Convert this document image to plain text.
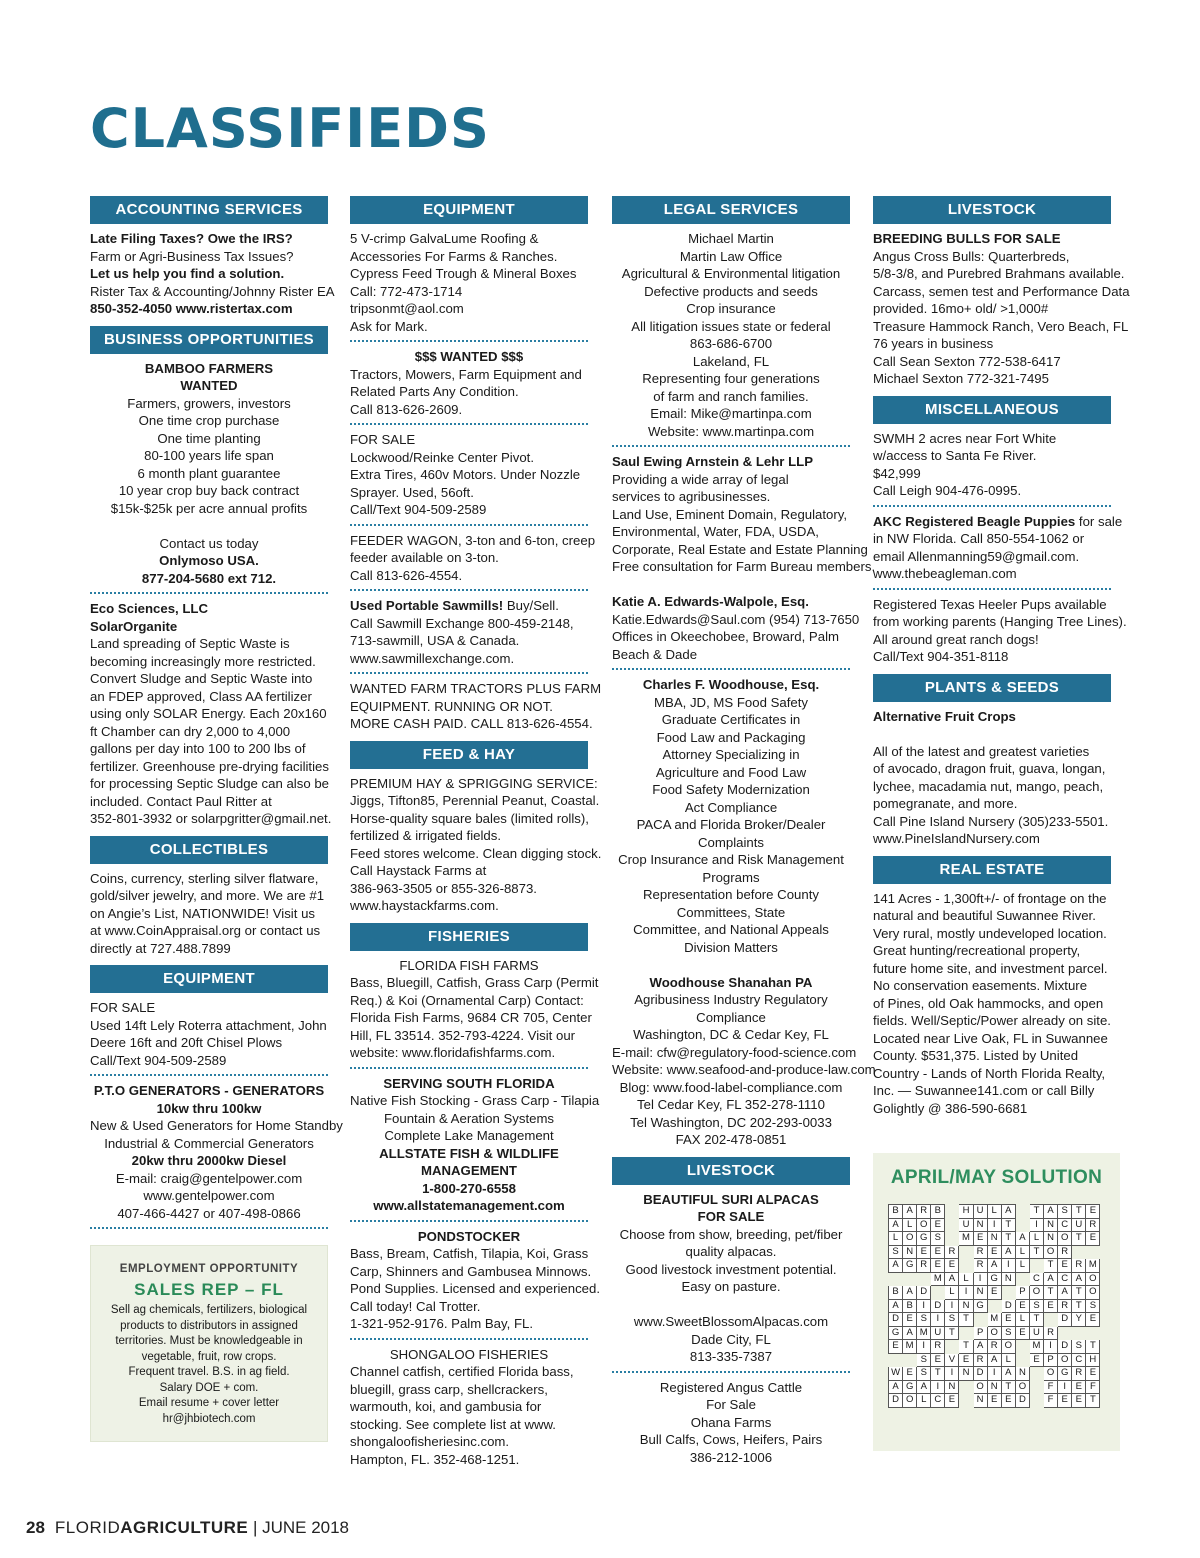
CLASSIFIEDS
ACCOUNTING SERVICES
Late Filing Taxes? Owe the IRS?
Farm or Agri-Business Tax Issues?
Let us help you find a solution.
Rister Tax & Accounting/Johnny Rister EA
850-352-4050 www.ristertax.com
BUSINESS OPPORTUNITIES
BAMBOO FARMERS
WANTED
Farmers, growers, investors
One time crop purchase
One time planting
80-100 years life span
6 month plant guarantee
10 year crop buy back contract
$15k-$25k per acre annual profits
Contact us today
Onlymoso USA.
877-204-5680 ext 712.
Eco Sciences, LLC
SolarOrganite
Land spreading of Septic Waste is
becoming increasingly more restricted.
Convert Sludge and Septic Waste into
an FDEP approved, Class AA fertilizer
using only SOLAR Energy. Each 20x160
ft Chamber can dry 2,000 to 4,000
gallons per day into 100 to 200 lbs of
fertilizer. Greenhouse pre-drying facilities
for processing Septic Sludge can also be
included. Contact Paul Ritter at
352-801-3932 or solarpgritter@gmail.net.
COLLECTIBLES
Coins, currency, sterling silver flatware,
gold/silver jewelry, and more. We are #1
on Angie’s List, NATIONWIDE! Visit us
at www.CoinAppraisal.org or contact us
directly at 727.488.7899
EQUIPMENT
FOR SALE
Used 14ft Lely Roterra attachment, John
Deere 16ft and 20ft Chisel Plows
Call/Text 904-509-2589
P.T.O GENERATORS - GENERATORS
10kw thru 100kw
New & Used Generators for Home Standby
Industrial & Commercial Generators
20kw thru 2000kw Diesel
E-mail: craig@gentelpower.com
www.gentelpower.com
407-466-4427 or 407-498-0866
EMPLOYMENT OPPORTUNITY
SALES REP – FL
Sell ag chemicals, fertilizers, biological
products to distributors in assigned
territories. Must be knowledgeable in
vegetable, fruit, row crops.
Frequent travel. B.S. in ag field.
Salary DOE + com.
Email resume + cover letter
hr@jhbiotech.com
EQUIPMENT
5 V-crimp GalvaLume Roofing &
Accessories For Farms & Ranches.
Cypress Feed Trough & Mineral Boxes
Call: 772-473-1714
tripsonmt@aol.com
Ask for Mark.
$$$ WANTED $$$
Tractors, Mowers, Farm Equipment and
Related Parts Any Condition.
Call 813-626-2609.
FOR SALE
Lockwood/Reinke Center Pivot.
Extra Tires, 460v Motors. Under Nozzle
Sprayer. Used, 56oft.
Call/Text 904-509-2589
FEEDER WAGON, 3-ton and 6-ton, creep
feeder available on 3-ton.
Call 813-626-4554.
Used Portable Sawmills! Buy/Sell.
Call Sawmill Exchange 800-459-2148,
713-sawmill, USA & Canada.
www.sawmillexchange.com.
WANTED FARM TRACTORS PLUS FARM
EQUIPMENT. RUNNING OR NOT.
MORE CASH PAID. CALL 813-626-4554.
FEED & HAY
PREMIUM HAY & SPRIGGING SERVICE:
Jiggs, Tifton85, Perennial Peanut, Coastal.
Horse-quality square bales (limited rolls),
fertilized & irrigated fields.
Feed stores welcome. Clean digging stock.
Call Haystack Farms at
386-963-3505 or 855-326-8873.
www.haystackfarms.com.
FISHERIES
FLORIDA FISH FARMS
Bass, Bluegill, Catfish, Grass Carp (Permit
Req.) & Koi (Ornamental Carp) Contact:
Florida Fish Farms, 9684 CR 705, Center
Hill, FL 33514. 352-793-4224. Visit our
website: www.floridafishfarms.com.
SERVING SOUTH FLORIDA
Native Fish Stocking - Grass Carp - Tilapia
Fountain & Aeration Systems
Complete Lake Management
ALLSTATE FISH & WILDLIFE
MANAGEMENT
1-800-270-6558
www.allstatemanagement.com
PONDSTOCKER
Bass, Bream, Catfish, Tilapia, Koi, Grass
Carp, Shinners and Gambusea Minnows.
Pond Supplies. Licensed and experienced.
Call today! Cal Trotter.
1-321-952-9176. Palm Bay, FL.
SHONGALOO FISHERIES
Channel catfish, certified Florida bass,
bluegill, grass carp, shellcrackers,
warmouth, koi, and gambusia for
stocking. See complete list at www.
shongaloofisheriesinc.com.
Hampton, FL. 352-468-1251.
LEGAL SERVICES
Michael Martin
Martin Law Office
Agricultural & Environmental litigation
Defective products and seeds
Crop insurance
All litigation issues state or federal
863-686-6700
Lakeland, FL
Representing four generations
of farm and ranch families.
Email: Mike@martinpa.com
Website: www.martinpa.com
Saul Ewing Arnstein & Lehr LLP
Providing a wide array of legal
services to agribusinesses.
Land Use, Eminent Domain, Regulatory,
Environmental, Water, FDA, USDA,
Corporate, Real Estate and Estate Planning
Free consultation for Farm Bureau members.
Katie A. Edwards-Walpole, Esq.
Katie.Edwards@Saul.com (954) 713-7650
Offices in Okeechobee, Broward, Palm
Beach & Dade
Charles F. Woodhouse, Esq.
MBA, JD, MS Food Safety
Graduate Certificates in
Food Law and Packaging
Attorney Specializing in
Agriculture and Food Law
Food Safety Modernization
Act Compliance
PACA and Florida Broker/Dealer
Complaints
Crop Insurance and Risk Management
Programs
Representation before County
Committees, State
Committee, and National Appeals
Division Matters
Woodhouse Shanahan PA
Agribusiness Industry Regulatory
Compliance
Washington, DC & Cedar Key, FL
E-mail: cfw@regulatory-food-science.com
Website: www.seafood-and-produce-law.com
Blog: www.food-label-compliance.com
Tel Cedar Key, FL 352-278-1110
Tel Washington, DC 202-293-0033
FAX 202-478-0851
LIVESTOCK
BEAUTIFUL SURI ALPACAS
FOR SALE
Choose from show, breeding, pet/fiber
quality alpacas.
Good livestock investment potential.
Easy on pasture.
www.SweetBlossomAlpacas.com
Dade City, FL
813-335-7387
Registered Angus Cattle
For Sale
Ohana Farms
Bull Calfs, Cows, Heifers, Pairs
386-212-1006
LIVESTOCK
BREEDING BULLS FOR SALE
Angus Cross Bulls: Quarterbreds,
5/8-3/8, and Purebred Brahmans available.
Carcass, semen test and Performance Data
provided. 16mo+ old/ >1,000#
Treasure Hammock Ranch, Vero Beach, FL
76 years in business
Call Sean Sexton 772-538-6417
Michael Sexton 772-321-7495
MISCELLANEOUS
SWMH 2 acres near Fort White
w/access to Santa Fe River.
$42,999
Call Leigh 904-476-0995.
AKC Registered Beagle Puppies for sale
in NW Florida. Call 850-554-1062 or
email Allenmanning59@gmail.com.
www.thebeagleman.com
Registered Texas Heeler Pups available
from working parents (Hanging Tree Lines).
All around great ranch dogs!
Call/Text 904-351-8118
PLANTS & SEEDS
Alternative Fruit Crops
All of the latest and greatest varieties
of avocado, dragon fruit, guava, longan,
lychee, macadamia nut, mango, peach,
pomegranate, and more.
Call Pine Island Nursery (305)233-5501.
www.PineIslandNursery.com
REAL ESTATE
141 Acres - 1,300ft+/- of frontage on the
natural and beautiful Suwannee River.
Very rural, mostly undeveloped location.
Great hunting/recreational property,
future home site, and investment parcel.
No conservation easements. Mixture
of Pines, old Oak hammocks, and open
fields. Well/Septic/Power already on site.
Located near Live Oak, FL in Suwannee
County. $531,375. Listed by United
Country - Lands of North Florida Realty,
Inc. — Suwannee141.com or call Billy
Golightly @ 386-590-6681
APRIL/MAY SOLUTION
B	A	R	B		H	U	L	A		T	A	S	T	E
A	L	O	E		U	N	I	T		I	N	C	U	R
L	O	G	S		M	E	N	T	A	L	N	O	T	E
S	N	E	E	R		R	E	A	L	T	O	R		
A	G	R	E	E		R	A	I	L		T	E	R	M
			M	A	L	I	G	N		C	A	C	A	O
B	A	D		L	I	N	E		P	O	T	A	T	O
A	B	I	D	I	N	G		D	E	S	E	R	T	S
D	E	S	I	S	T		M	E	L	T		D	Y	E
G	A	M	U	T		P	O	S	E	U	R			
E	M	I	R		T	A	R	O		M	I	D	S	T
		S	E	V	E	R	A	L		E	P	O	C	H
W	E	S	T	I	N	D	I	A	N		O	G	R	E
A	G	A	I	N		O	N	T	O		F	I	E	F
D	O	L	C	E		N	E	E	D		F	E	E	T
28 FLORIDAGRICULTURE | JUNE 2018
